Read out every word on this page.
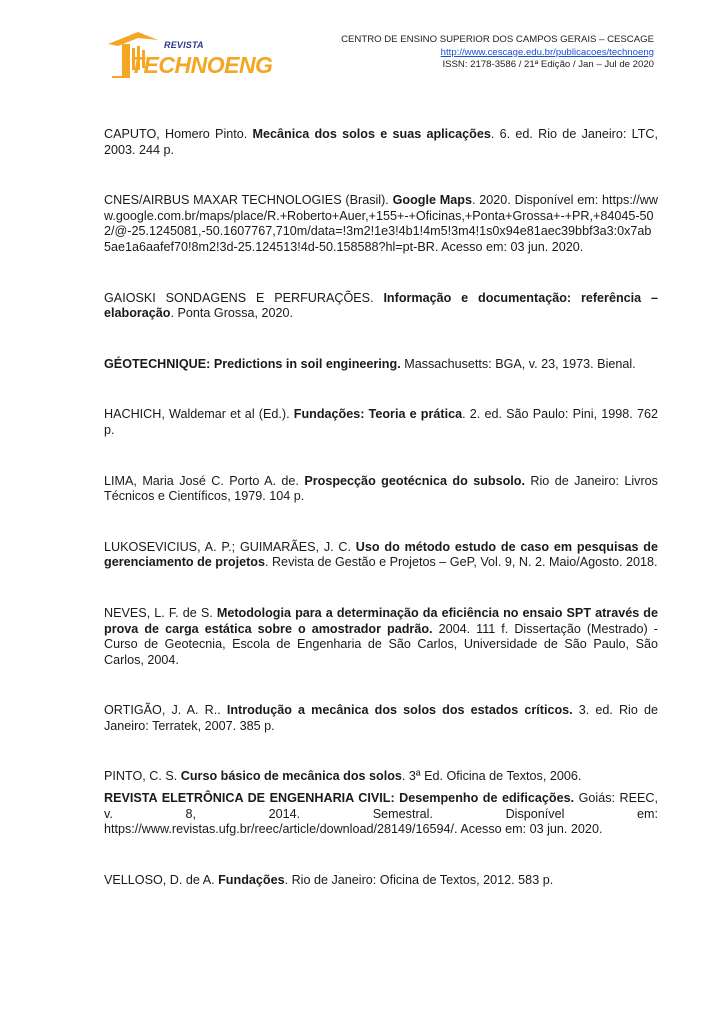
REVISTA
TECHNOENG
CENTRO DE ENSINO SUPERIOR DOS CAMPOS GERAIS – CESCAGE
http://www.cescage.edu.br/publicacoes/technoeng
ISSN: 2178-3586 / 21ª Edição / Jan – Jul de 2020

CAPUTO, Homero Pinto. Mecânica dos solos e suas aplicações. 6. ed. Rio de Janeiro: LTC, 2003. 244 p.

CNES/AIRBUS MAXAR TECHNOLOGIES (Brasil). Google Maps. 2020. Disponível em: https://www.google.com.br/maps/place/R.+Roberto+Auer,+155+-+Oficinas,+Ponta+Grossa+-+PR,+84045-502/@-25.1245081,-50.1607767,710m/data=!3m2!1e3!4b1!4m5!3m4!1s0x94e81aec39bbf3a3:0x7ab5ae1a6aafef70!8m2!3d-25.124513!4d-50.158588?hl=pt-BR. Acesso em: 03 jun. 2020.

GAIOSKI SONDAGENS E PERFURAÇÕES. Informação e documentação: referência – elaboração. Ponta Grossa, 2020.

GÉOTECHNIQUE: Predictions in soil engineering. Massachusetts: BGA, v. 23, 1973. Bienal.

HACHICH, Waldemar et al (Ed.). Fundações: Teoria e prática. 2. ed. São Paulo: Pini, 1998. 762 p.

LIMA, Maria José C. Porto A. de. Prospecção geotécnica do subsolo. Rio de Janeiro: Livros Técnicos e Científicos, 1979. 104 p.

LUKOSEVICIUS, A. P.; GUIMARÃES, J. C. Uso do método estudo de caso em pesquisas de gerenciamento de projetos. Revista de Gestão e Projetos – GeP, Vol. 9, N. 2. Maio/Agosto. 2018.

NEVES, L. F. de S. Metodologia para a determinação da eficiência no ensaio SPT através de prova de carga estática sobre o amostrador padrão. 2004. 111 f. Dissertação (Mestrado) - Curso de Geotecnia, Escola de Engenharia de São Carlos, Universidade de São Paulo, São Carlos, 2004.

ORTIGÃO, J. A. R.. Introdução a mecânica dos solos dos estados críticos. 3. ed. Rio de Janeiro: Terratek, 2007. 385 p.

PINTO, C. S. Curso básico de mecânica dos solos. 3ª Ed. Oficina de Textos, 2006.

REVISTA ELETRÔNICA DE ENGENHARIA CIVIL: Desempenho de edificações. Goiás: REEC, v. 8, 2014. Semestral. Disponível em: https://www.revistas.ufg.br/reec/article/download/28149/16594/. Acesso em: 03 jun. 2020.

VELLOSO, D. de A. Fundações. Rio de Janeiro: Oficina de Textos, 2012. 583 p.
